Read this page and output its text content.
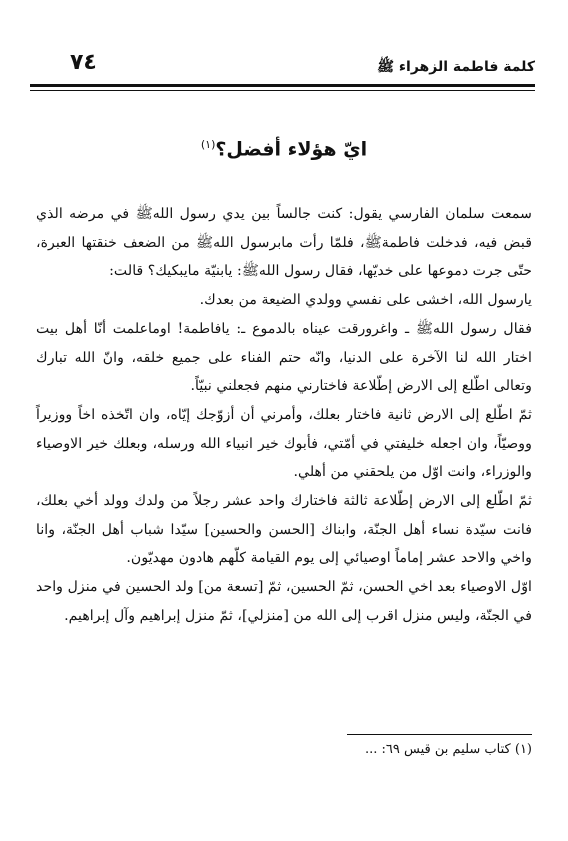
كلمة فاطمة الزهراء ﷺ
٧٤
ايّ هؤلاء أفضل؟$^{(١)}$

سمعت سلمان الفارسي يقول: كنت جالساً بين يدي رسول اللهﷺ في مرضه الذي قبض فيه، فدخلت فاطمةﷺ، فلمّا رأت مابرسول اللهﷺ من الضعف خنقتها العبرة، حتّى جرت دموعها على خديّها، فقال رسول اللهﷺ: يابنيّة مايبكيك؟ قالت:

يارسول الله، اخشى على نفسي وولدي الضيعة من بعدك.

فقال رسول اللهﷺ ـ واغرورقت عيناه بالدموع ـ: يافاطمة! اوماعلمت أنّا أهل بيت اختار الله لنا الآخرة على الدنيا، وانّه حتم الفناء على جميع خلقه، وانّ الله تبارك وتعالى اطّلع إلى الارض إطّلاعة فاختارني منهم فجعلني نبيّاً.

ثمّ اطّلع إلى الارض ثانية فاختار بعلك، وأمرني أن أزوّجك إيّاه، وان اتّخذه اخاً ووزيراً ووصيّاً، وان اجعله خليفتي في أمّتي، فأبوك خير انبياء الله ورسله، وبعلك خير الاوصياء والوزراء، وانت اوّل من يلحقني من أهلي.

ثمّ اطّلع إلى الارض إطّلاعة ثالثة فاختارك واحد عشر رجلاً من ولدك وولد أخي بعلك، فانت سيّدة نساء أهل الجنّة، وابناك [الحسن والحسين] سيّدا شباب أهل الجنّة، وانا واخي والاحد عشر إماماً اوصيائي إلى يوم القيامة كلّهم هادون مهديّون.

اوّل الاوصياء بعد اخي الحسن، ثمّ الحسين، ثمّ [تسعة من] ولد الحسين في منزل واحد في الجنّة، وليس منزل اقرب إلى الله من [منزلي]، ثمّ منزل إبراهيم وآل إبراهيم.

(١) كتاب سليم بن قيس ٦٩: ...
